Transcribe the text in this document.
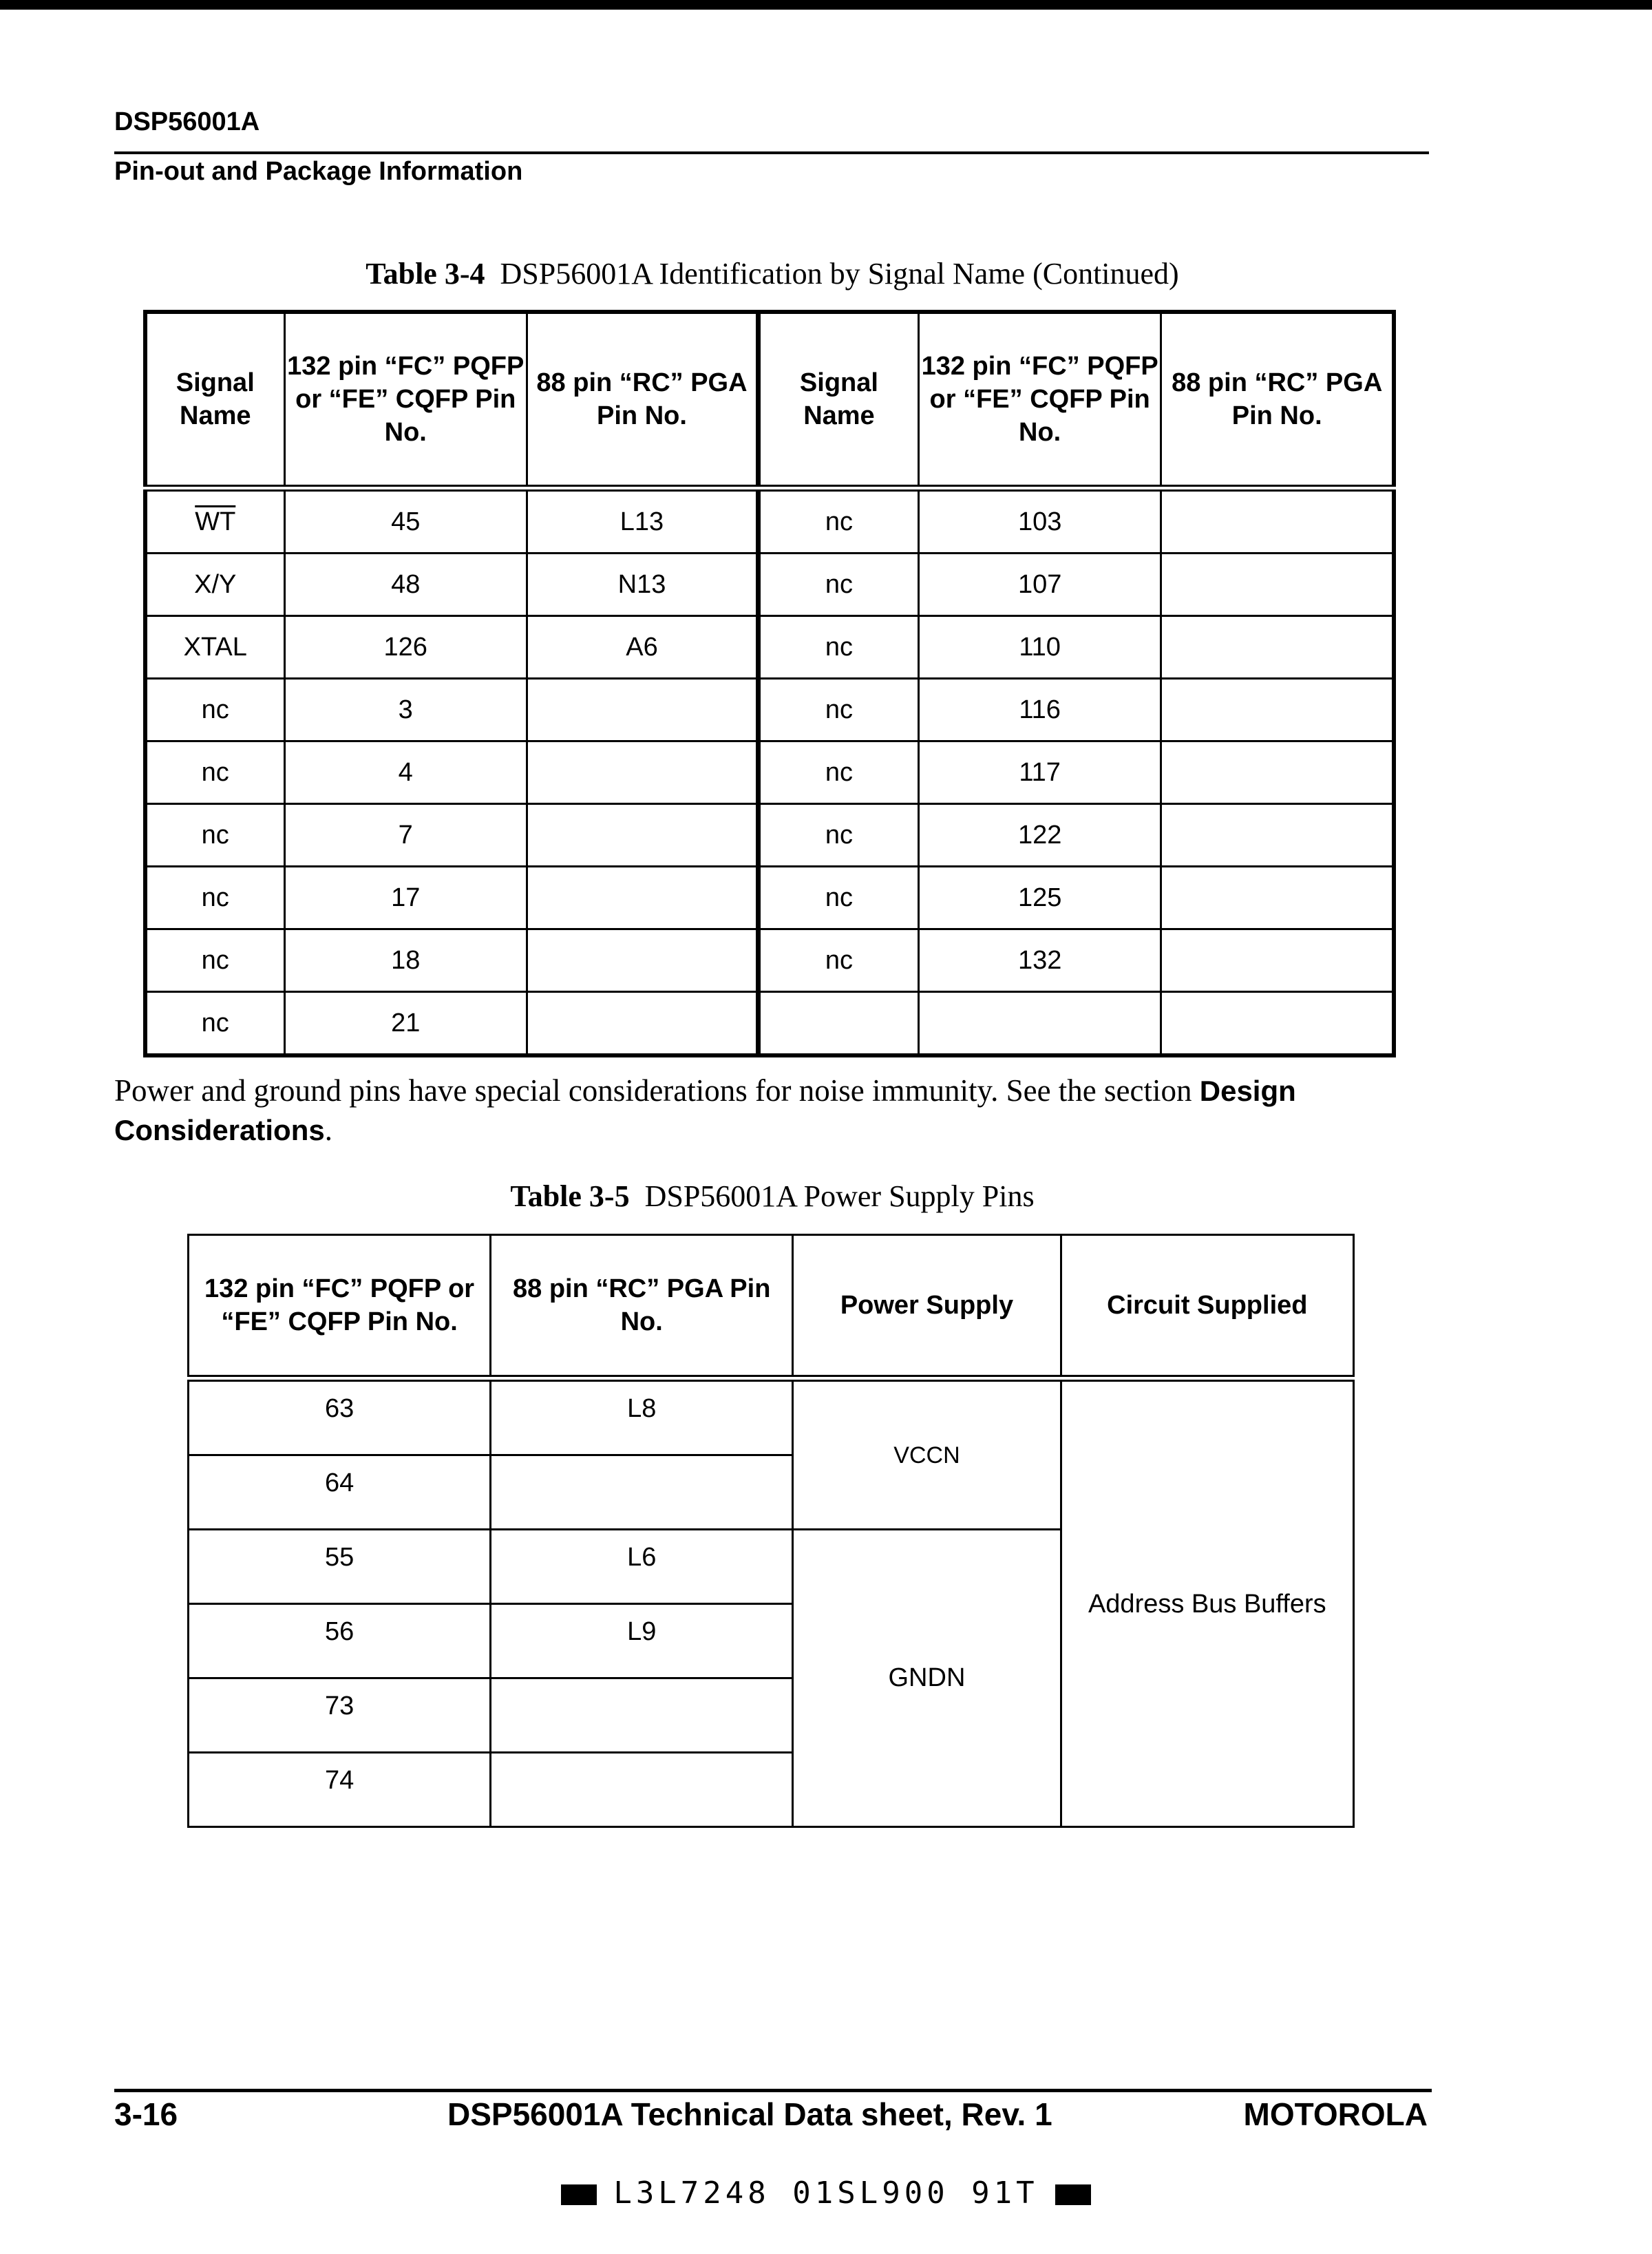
DSP56001A
Pin-out and Package Information
Table 3-4 DSP56001A Identification by Signal Name (Continued)
Signal Name	132 pin “FC” PQFP or “FE” CQFP Pin No.	88 pin “RC” PGA Pin No.	Signal Name	132 pin “FC” PQFP or “FE” CQFP Pin No.	88 pin “RC” PGA Pin No.
$\overline{WT}$	45	L13	nc	103	
X/Y	48	N13	nc	107	
XTAL	126	A6	nc	110	
nc	3		nc	116	
nc	4		nc	117	
nc	7		nc	122	
nc	17		nc	125	
nc	18		nc	132	
nc	21				
Power and ground pins have special considerations for noise immunity. See the section Design Considerations.
Table 3-5 DSP56001A Power Supply Pins
132 pin “FC” PQFP or “FE” CQFP Pin No.	88 pin “RC” PGA Pin No.	Power Supply	Circuit Supplied
63	L8	VCCN	Address Bus Buffers
64			
55	L6	GNDN	
56	L9		
73			
74			
3-16	DSP56001A Technical Data sheet, Rev. 1	MOTOROLA
L3L7248 01SL900 91T
